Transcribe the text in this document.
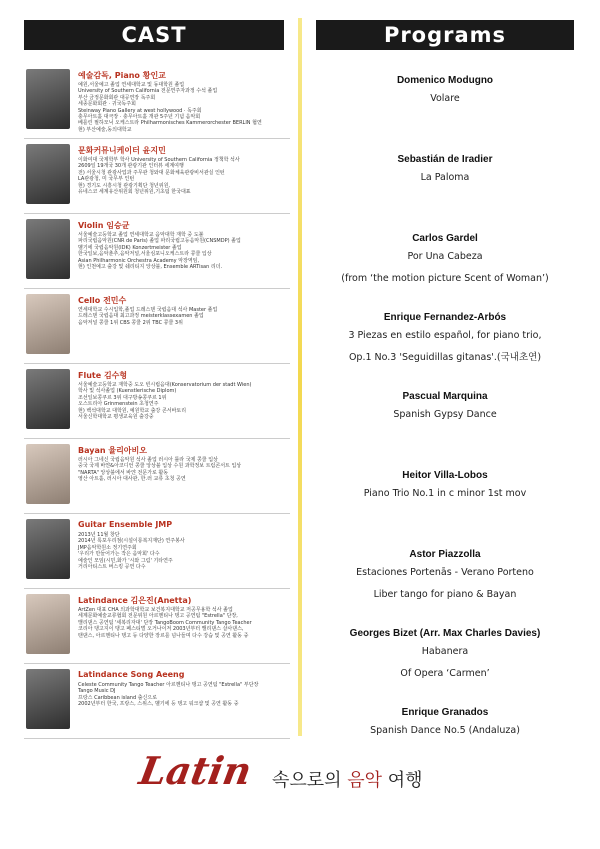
CAST	Programs
예술감독, Piano 황인교
예원,서울예고 졸업 연세대학교 및 동대학원 졸업
University of Southern California 전문연주자과정 수석 졸업
부산 금정문화회관 대공연장 독주회
세종문화회관 · 귀국독주회
Steinway Piano Gallery at west hollywood · 독주회
충무아트홀 대극장 · 충무아트홀 개관 5주년 기념 음악회
베를린 필하모닉 오케스트라 Philharmonisches Kammerorchester BERLIN 협연
현) 부산예술,동의대학교
문화커뮤니케이터 윤지민
이화여대 국제학부 학사 University of Southern California 정책학 석사
2609일 19개국 30개 관광기관 인터뷰 세계여행
전) 서울시청 관광사업과 주무관 청와대 문화체육관광비서관실 인턴
LA관광청, 미 국무부 인턴
현) 경기도 시흥시청 관광기획단 청년위원,
유네스코 세계유산위원회 청년위원,기초팀 한국대표
Violin 임승균
서울예술고등학교 졸업 연세대학교 음악대학 재학 중 도불
파리국립음악원(CNR de Paris) 졸업 파리국립고등음악원(CNSMDP) 졸업
벨기에 국립음악원(IDK) Konzertmeister 졸업
한국일보,음악춘추,음악저널,서울심포니오케스트라 콩쿨 입상
Asian Philharmonic Orchestra Academy 악장역임,
현) 인천예고 출강 및 쉐리티지 앙상블, Ensemble ARTisan 리더.
Cello 전민수
연세대학교 수시입학,졸업 드레스덴 국립음대 석사 Master 졸업
드레스덴 국립음대 최고과정 meisterklassexamen 졸업
음악저널 콩쿨 1위 CBS 콩쿨 2위 TBC 콩쿨 3위
Flute 김수형
서울예술고등학교 재학중 도오 빈시립음대(Konservatorium der stadt Wien)
학사 및 석사졸업 (Kuenstlerische Diplom)
조선일보콩쿠르 3위 대구방송콩쿠르 1위
오스트리아 Grinmenstein 초청연주
현) 백석대학교 대학원, 예원학교 출강 콘서바토리
서울신학대학교 평생교육원 출강중
Bayan 율리아비오
러시아 그네신 국립음악원 석사 졸업 러시아 틀라 국제 콩쿨 입상
중국 국제 바얀&아코디언 콩쿨 앙상블 입상 수원 과학정보 트럼콘서트 입상
"NARTA" 앙상블에서 바얀 전문가로 활동
영산 아트홀, 러시아 대사관, 한.러 교류 초청 공연
Guitar Ensemble JMP
2013년 11월 창단
2014년 록포우리점(시설이롱복지재단) 연주봉사
JMP음악학원소 정기연주회
'우리가 만들어가는 작은 음악회' 다수
예술인 모임(시민,화가 '시와 그림' 기타연주
거리아티스트 버스킹 공연 다수
Latindance 김은진(Anetta)
ArtZen 대표 CHA 의과학대학교 보건복지대학교 저공무용학 석사 졸업
세계문화예술교류협회 전문위원 아르헨티나 탱고 공연팀 "Estrella" 단장,
밸리댄스 공연팀 '세복리자대' 단장 TangoBoom Community Tango Teacher
코리아 탱고지이 탱고 페스티벌 오거나이저 2003년부터 밸리댄스 살사댄스,
탠댄스, 아르헨티나 탱고 등 다양한 장르를 넘나들며 다수 강습 및 공연 활동 중
Latindance Song Aeeng
Celeste Community Tango Teacher 아르헨티나 탱고 공연팀 "Estrella" 부단장
Tango Music DJ
프랑스 Caribbean island 출신으로
2002년부터 한국, 프랑스, 스위스, 벨기에 등 탱고 워크샵 및 공연 활동 중
Domenico Modugno
Volare
Sebastián de Iradier
La Paloma
Carlos Gardel
Por Una Cabeza
(from ‘the motion picture Scent of Woman’)
Enrique Fernandez-Arbós
3 Piezas en estilo español, for piano trio,
Op.1 No.3 'Seguidillas gitanas'.(국내초연)
Pascual Marquina
Spanish Gypsy Dance
Heitor Villa-Lobos
Piano Trio No.1 in c minor 1st mov
Astor Piazzolla
Estaciones Portenās - Verano Porteno
Liber tango for piano & Bayan
Georges Bizet (Arr. Max Charles Davies)
Habanera
Of Opera ‘Carmen’
Enrique Granados
Spanish Dance No.5 (Andaluza)
Latin 속으로의 음악 여행
